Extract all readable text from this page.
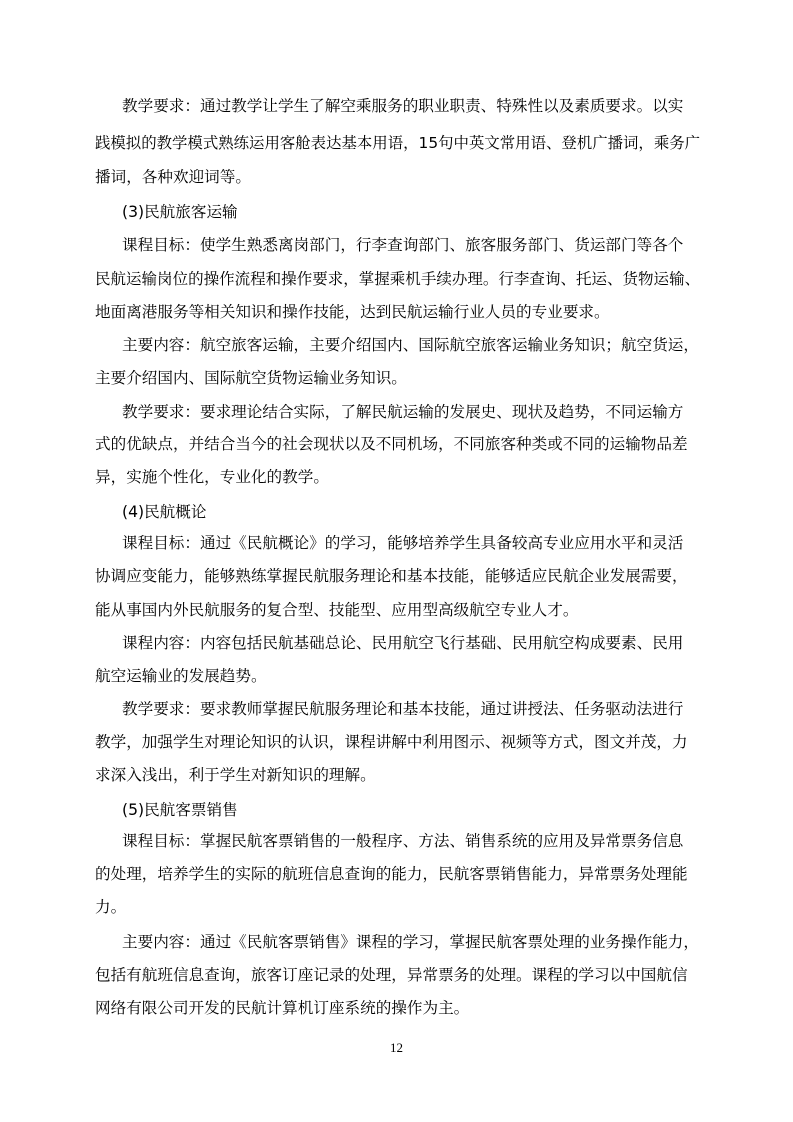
教学要求：通过教学让学生了解空乘服务的职业职责、特殊性以及素质要求。以实
践模拟的教学模式熟练运用客舱表达基本用语，15句中英文常用语、登机广播词，乘务广
播词，各种欢迎词等。
(3)民航旅客运输
课程目标：使学生熟悉离岗部门，行李查询部门、旅客服务部门、货运部门等各个
民航运输岗位的操作流程和操作要求，掌握乘机手续办理。行李查询、托运、货物运输、
地面离港服务等相关知识和操作技能，达到民航运输行业人员的专业要求。
主要内容：航空旅客运输，主要介绍国内、国际航空旅客运输业务知识；航空货运，
主要介绍国内、国际航空货物运输业务知识。
教学要求：要求理论结合实际，了解民航运输的发展史、现状及趋势，不同运输方
式的优缺点，并结合当今的社会现状以及不同机场，不同旅客种类或不同的运输物品差
异，实施个性化，专业化的教学。
(4)民航概论
课程目标：通过《民航概论》的学习，能够培养学生具备较高专业应用水平和灵活
协调应变能力，能够熟练掌握民航服务理论和基本技能，能够适应民航企业发展需要，
能从事国内外民航服务的复合型、技能型、应用型高级航空专业人才。
课程内容：内容包括民航基础总论、民用航空飞行基础、民用航空构成要素、民用
航空运输业的发展趋势。
教学要求：要求教师掌握民航服务理论和基本技能，通过讲授法、任务驱动法进行
教学，加强学生对理论知识的认识，课程讲解中利用图示、视频等方式，图文并茂，力
求深入浅出，利于学生对新知识的理解。
(5)民航客票销售
课程目标：掌握民航客票销售的一般程序、方法、销售系统的应用及异常票务信息
的处理，培养学生的实际的航班信息查询的能力，民航客票销售能力，异常票务处理能
力。
主要内容：通过《民航客票销售》课程的学习，掌握民航客票处理的业务操作能力，
包括有航班信息查询，旅客订座记录的处理，异常票务的处理。课程的学习以中国航信
网络有限公司开发的民航计算机订座系统的操作为主。
12
